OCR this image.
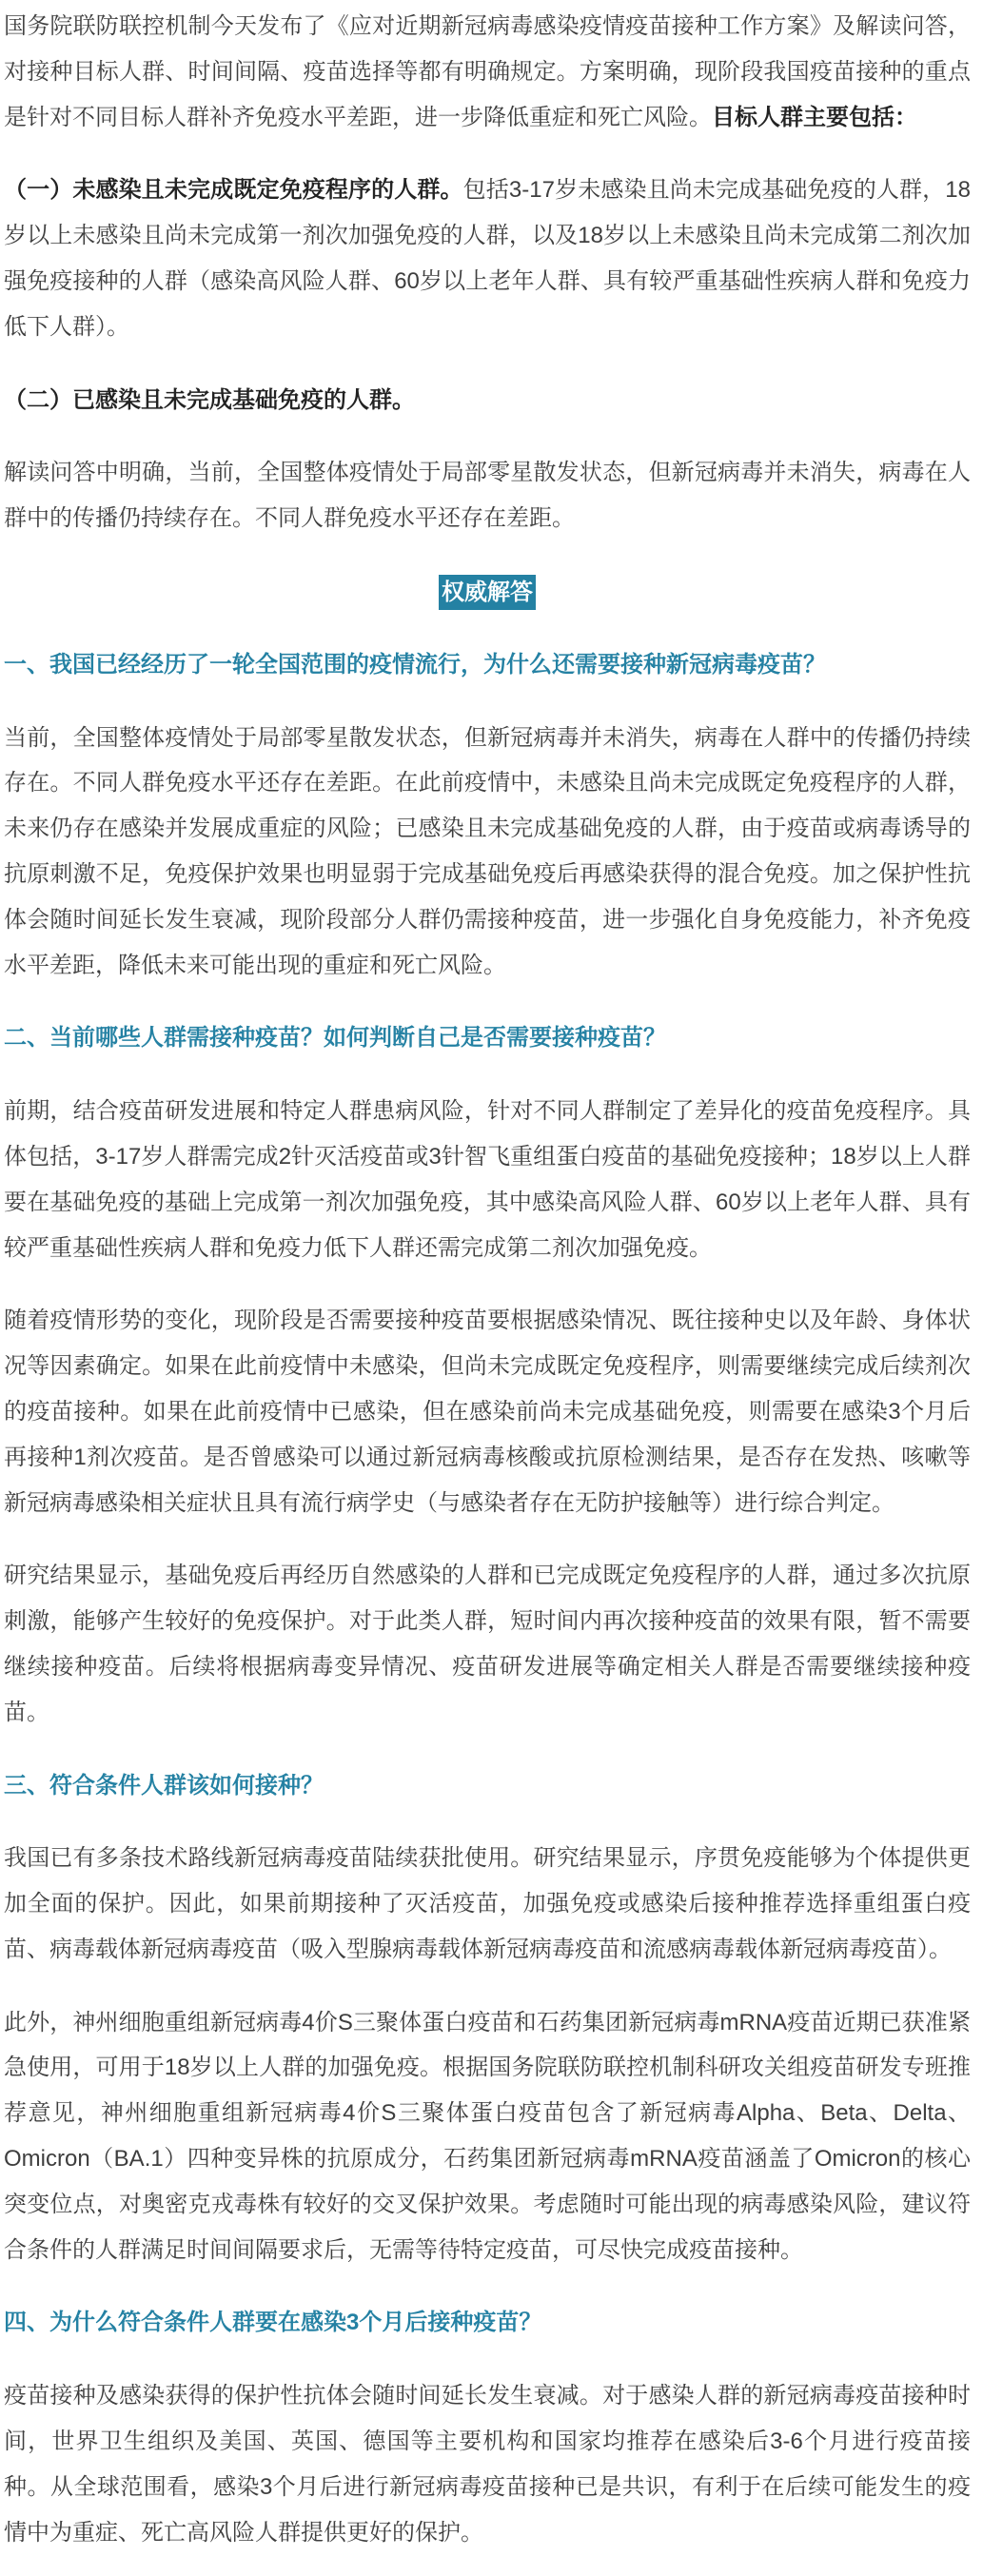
国务院联防联控机制今天发布了《应对近期新冠病毒感染疫情疫苗接种工作方案》及解读问答，对接种目标人群、时间间隔、疫苗选择等都有明确规定。方案明确，现阶段我国疫苗接种的重点是针对不同目标人群补齐免疫水平差距，进一步降低重症和死亡风险。目标人群主要包括：

（一）未感染且未完成既定免疫程序的人群。包括3-17岁未感染且尚未完成基础免疫的人群，18岁以上未感染且尚未完成第一剂次加强免疫的人群，以及18岁以上未感染且尚未完成第二剂次加强免疫接种的人群（感染高风险人群、60岁以上老年人群、具有较严重基础性疾病人群和免疫力低下人群）。

（二）已感染且未完成基础免疫的人群。

解读问答中明确，当前，全国整体疫情处于局部零星散发状态，但新冠病毒并未消失，病毒在人群中的传播仍持续存在。不同人群免疫水平还存在差距。

权威解答

一、我国已经经历了一轮全国范围的疫情流行，为什么还需要接种新冠病毒疫苗？

当前，全国整体疫情处于局部零星散发状态，但新冠病毒并未消失，病毒在人群中的传播仍持续存在。不同人群免疫水平还存在差距。在此前疫情中，未感染且尚未完成既定免疫程序的人群，未来仍存在感染并发展成重症的风险；已感染且未完成基础免疫的人群，由于疫苗或病毒诱导的抗原刺激不足，免疫保护效果也明显弱于完成基础免疫后再感染获得的混合免疫。加之保护性抗体会随时间延长发生衰减，现阶段部分人群仍需接种疫苗，进一步强化自身免疫能力，补齐免疫水平差距，降低未来可能出现的重症和死亡风险。

二、当前哪些人群需接种疫苗？如何判断自己是否需要接种疫苗？

前期，结合疫苗研发进展和特定人群患病风险，针对不同人群制定了差异化的疫苗免疫程序。具体包括，3-17岁人群需完成2针灭活疫苗或3针智飞重组蛋白疫苗的基础免疫接种；18岁以上人群要在基础免疫的基础上完成第一剂次加强免疫，其中感染高风险人群、60岁以上老年人群、具有较严重基础性疾病人群和免疫力低下人群还需完成第二剂次加强免疫。

随着疫情形势的变化，现阶段是否需要接种疫苗要根据感染情况、既往接种史以及年龄、身体状况等因素确定。如果在此前疫情中未感染，但尚未完成既定免疫程序，则需要继续完成后续剂次的疫苗接种。如果在此前疫情中已感染，但在感染前尚未完成基础免疫，则需要在感染3个月后再接种1剂次疫苗。是否曾感染可以通过新冠病毒核酸或抗原检测结果，是否存在发热、咳嗽等新冠病毒感染相关症状且具有流行病学史（与感染者存在无防护接触等）进行综合判定。

研究结果显示，基础免疫后再经历自然感染的人群和已完成既定免疫程序的人群，通过多次抗原刺激，能够产生较好的免疫保护。对于此类人群，短时间内再次接种疫苗的效果有限，暂不需要继续接种疫苗。后续将根据病毒变异情况、疫苗研发进展等确定相关人群是否需要继续接种疫苗。

三、符合条件人群该如何接种？

我国已有多条技术路线新冠病毒疫苗陆续获批使用。研究结果显示，序贯免疫能够为个体提供更加全面的保护。因此，如果前期接种了灭活疫苗，加强免疫或感染后接种推荐选择重组蛋白疫苗、病毒载体新冠病毒疫苗（吸入型腺病毒载体新冠病毒疫苗和流感病毒载体新冠病毒疫苗）。

此外，神州细胞重组新冠病毒4价S三聚体蛋白疫苗和石药集团新冠病毒mRNA疫苗近期已获准紧急使用，可用于18岁以上人群的加强免疫。根据国务院联防联控机制科研攻关组疫苗研发专班推荐意见，神州细胞重组新冠病毒4价S三聚体蛋白疫苗包含了新冠病毒Alpha、Beta、Delta、Omicron（BA.1）四种变异株的抗原成分，石药集团新冠病毒mRNA疫苗涵盖了Omicron的核心突变位点，对奥密克戎毒株有较好的交叉保护效果。考虑随时可能出现的病毒感染风险，建议符合条件的人群满足时间间隔要求后，无需等待特定疫苗，可尽快完成疫苗接种。

四、为什么符合条件人群要在感染3个月后接种疫苗？

疫苗接种及感染获得的保护性抗体会随时间延长发生衰减。对于感染人群的新冠病毒疫苗接种时间，世界卫生组织及美国、英国、德国等主要机构和国家均推荐在感染后3-6个月进行疫苗接种。从全球范围看，感染3个月后进行新冠病毒疫苗接种已是共识，有利于在后续可能发生的疫情中为重症、死亡高风险人群提供更好的保护。
